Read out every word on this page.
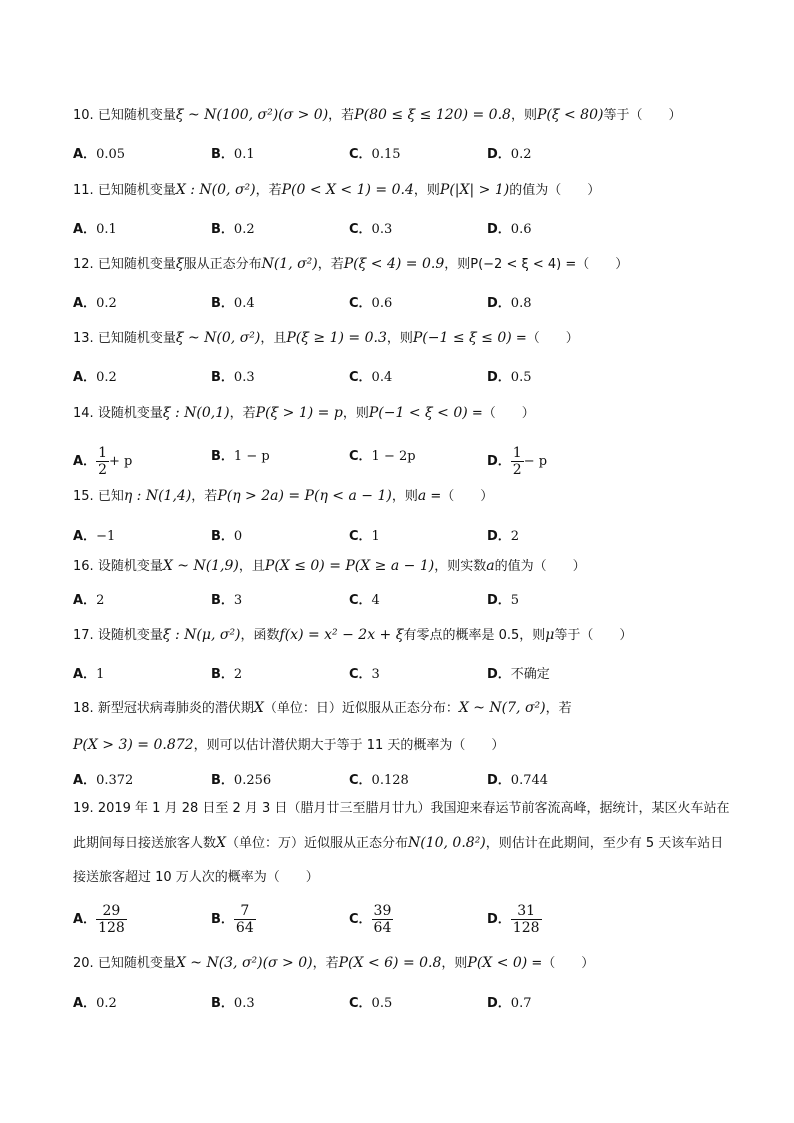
10. 已知随机变量ξ ~ N(100, σ²)(σ > 0)，若P(80 ≤ ξ ≤ 120) = 0.8，则P(ξ < 80)等于（　　）
A．0.05	B．0.1	C．0.15	D．0.2
11. 已知随机变量X : N(0, σ²)，若P(0 < X < 1) = 0.4，则P(|X| > 1)的值为（　　）
A．0.1	B．0.2	C．0.3	D．0.6
12. 已知随机变量ξ服从正态分布N(1, σ²)，若P(ξ < 4) = 0.9，则P(−2 < ξ < 4) =（　　）
A．0.2	B．0.4	C．0.6	D．0.8
13. 已知随机变量ξ ~ N(0, σ²)，且P(ξ ≥ 1) = 0.3，则P(−1 ≤ ξ ≤ 0) =（　　）
A．0.2	B．0.3	C．0.4	D．0.5
14. 设随机变量ξ : N(0,1)，若P(ξ > 1) = p，则P(−1 < ξ < 0) =（　　）
A． $\frac{1}{2} + p$	B．1 − p	C．1 − 2p	D． $\frac{1}{2} - p$
15. 已知η : N(1,4)，若P(η > 2a) = P(η < a − 1)，则a =（　　）
A．−1	B．0	C．1	D．2
16. 设随机变量X ~ N(1,9)，且P(X ≤ 0) = P(X ≥ a − 1)，则实数a的值为（　　）
A．2	B．3	C．4	D．5
17. 设随机变量ξ : N(μ, σ²)，函数f(x) = x² − 2x + ξ有零点的概率是 0.5，则μ等于（　　）
A．1	B．2	C．3	D．不确定
18. 新型冠状病毒肺炎的潜伏期X（单位：日）近似服从正态分布：X ~ N(7, σ²)，若
P(X > 3) = 0.872，则可以估计潜伏期大于等于 11 天的概率为（　　）
A．0.372	B．0.256	C．0.128	D．0.744
19. 2019 年 1 月 28 日至 2 月 3 日（腊月廿三至腊月廿九）我国迎来春运节前客流高峰，据统计，某区火车站在此期间每日接送旅客人数X（单位：万）近似服从正态分布N(10, 0.8²)，则估计在此期间，至少有 5 天该车站日接送旅客超过 10 万人次的概率为（　　）
A． $\frac{29}{128}$	B． $\frac{7}{64}$	C． $\frac{39}{64}$	D． $\frac{31}{128}$
20. 已知随机变量X ~ N(3, σ²)(σ > 0)，若P(X < 6) = 0.8，则P(X < 0) =（　　）
A．0.2	B．0.3	C．0.5	D．0.7
